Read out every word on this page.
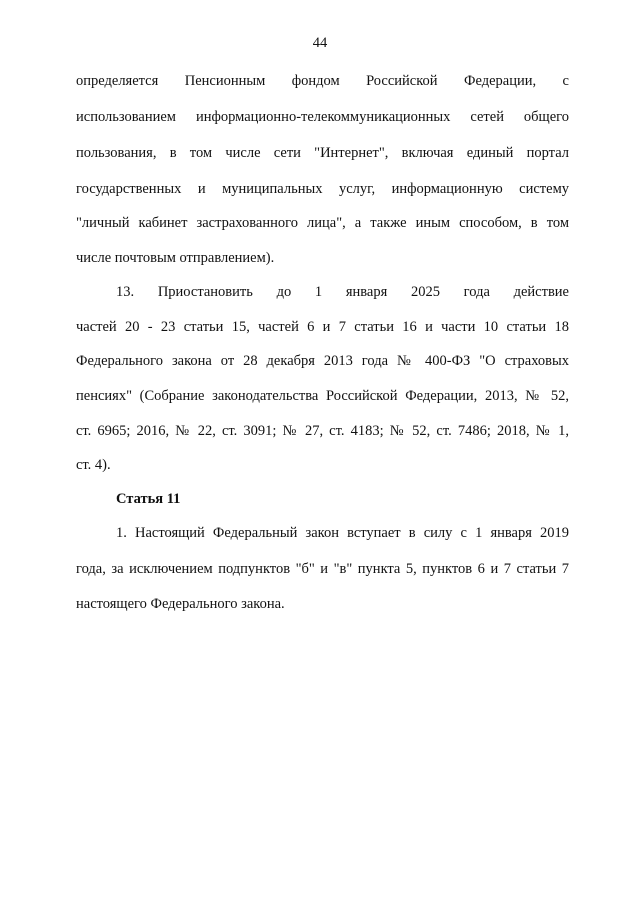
44
определяется Пенсионным фондом Российской Федерации, с
использованием информационно-телекоммуникационных сетей общего
пользования, в том числе сети "Интернет", включая единый портал
государственных и муниципальных услуг, информационную систему
"личный кабинет застрахованного лица", а также иным способом, в том
числе почтовым отправлением).
13. Приостановить до 1 января 2025 года действие
частей 20 - 23 статьи 15, частей 6 и 7 статьи 16 и части 10 статьи 18
Федерального закона от 28 декабря 2013 года № 400-ФЗ "О страховых
пенсиях" (Собрание законодательства Российской Федерации, 2013, № 52,
ст. 6965; 2016, № 22, ст. 3091; № 27, ст. 4183; № 52, ст. 7486; 2018, № 1,
ст. 4).
Статья 11
1. Настоящий Федеральный закон вступает в силу с 1 января 2019
года, за исключением подпунктов "б" и "в" пункта 5, пунктов 6 и 7 статьи 7
настоящего Федерального закона.
